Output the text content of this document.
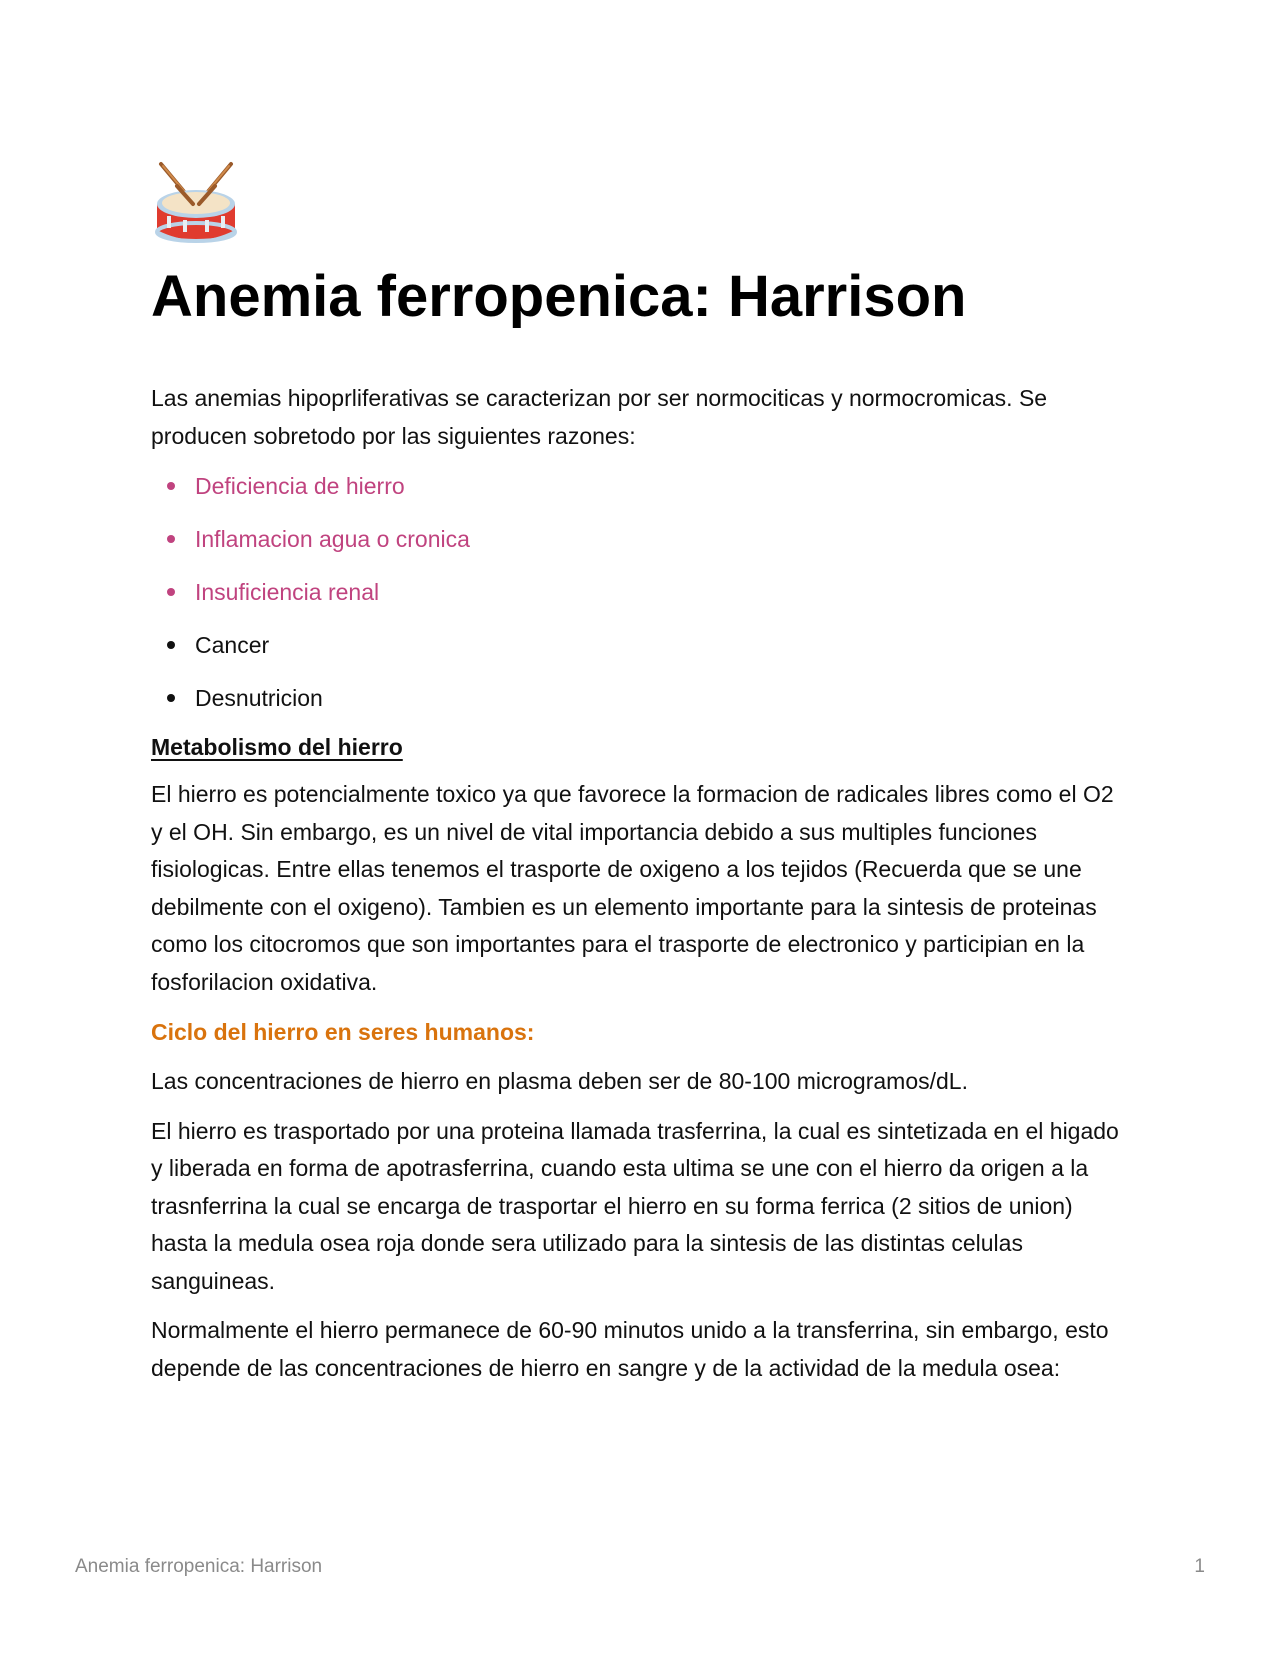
Anemia ferropenica: Harrison

Las anemias hipoprliferativas se caracterizan por ser normociticas y normocromicas. Se producen sobretodo por las siguientes razones:

Deficiencia de hierro
Inflamacion agua o cronica
Insuficiencia renal
Cancer
Desnutricion
Metabolismo del hierro

El hierro es potencialmente toxico ya que favorece la formacion de radicales libres como el O2 y el OH. Sin embargo, es un nivel de vital importancia debido a sus multiples funciones fisiologicas. Entre ellas tenemos el trasporte de oxigeno a los tejidos (Recuerda que se une debilmente con el oxigeno). Tambien es un elemento importante para la sintesis de proteinas como los citocromos que son importantes para el trasporte de electronico y participian en la fosforilacion oxidativa.

Ciclo del hierro en seres humanos:

Las concentraciones de hierro en plasma deben ser de 80-100 microgramos/dL.

El hierro es trasportado por una proteina llamada trasferrina, la cual es sintetizada en el higado y liberada en forma de apotrasferrina, cuando esta ultima se une con el hierro da origen a la trasnferrina la cual se encarga de trasportar el hierro en su forma ferrica (2 sitios de union) hasta la medula osea roja donde sera utilizado para la sintesis de las distintas celulas sanguineas.

Normalmente el hierro permanece de 60-90 minutos unido a la transferrina, sin embargo, esto depende de las concentraciones de hierro en sangre y de la actividad de la medula osea:

Anemia ferropenica: Harrison	1
